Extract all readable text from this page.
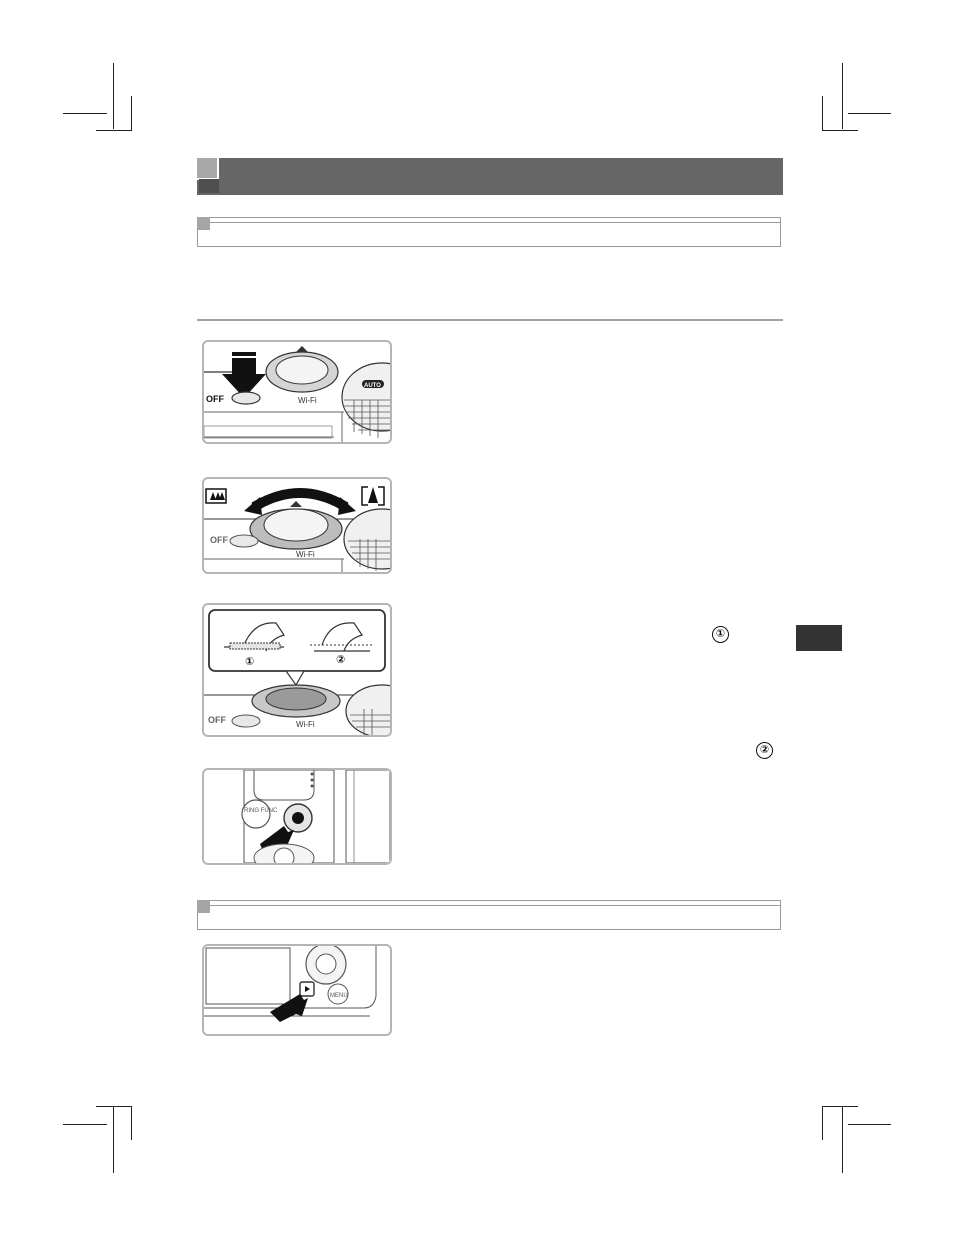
OFF	Wi-Fi
AUTO
OFF
Wi-Fi
①	②
OFF	Wi-Fi
RING FUNC
MENU
①
②
